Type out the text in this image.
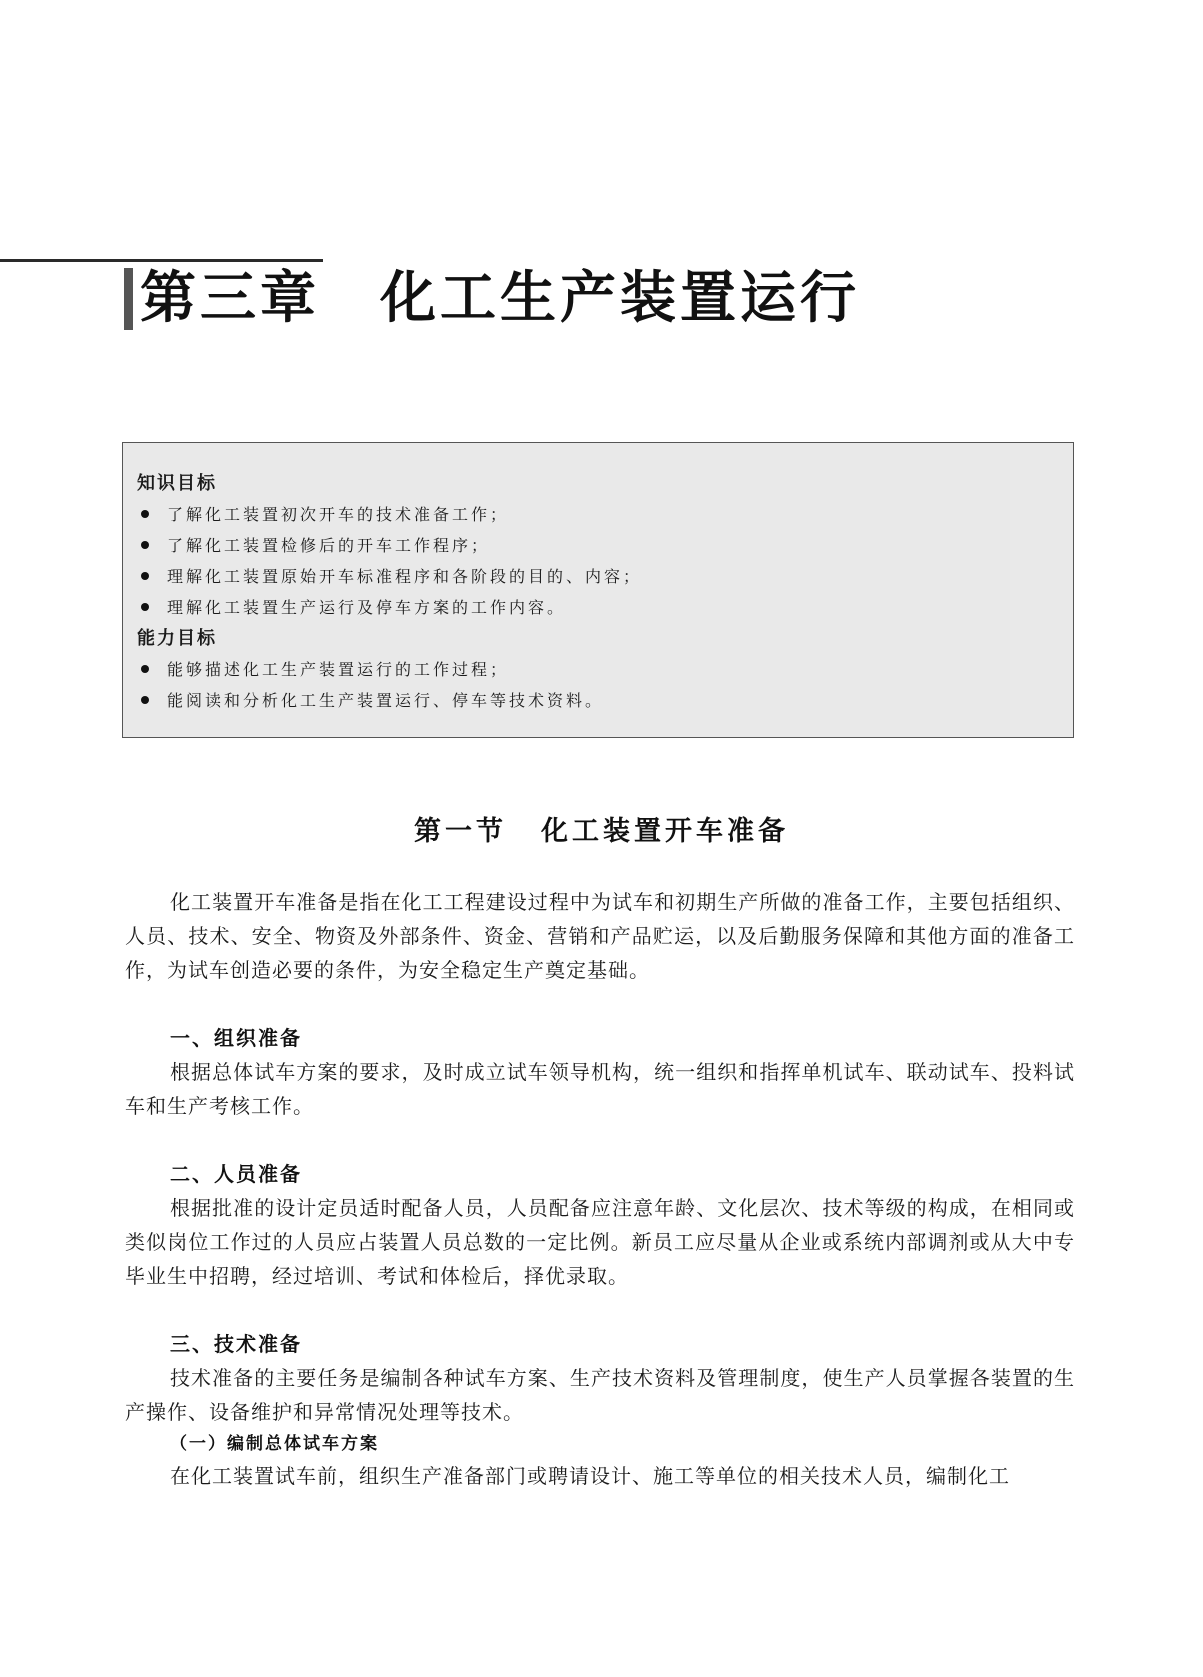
第三章 化工生产装置运行
知识目标
了解化工装置初次开车的技术准备工作；
了解化工装置检修后的开车工作程序；
理解化工装置原始开车标准程序和各阶段的目的、内容；
理解化工装置生产运行及停车方案的工作内容。
能力目标
能够描述化工生产装置运行的工作过程；
能阅读和分析化工生产装置运行、停车等技术资料。
第一节 化工装置开车准备

化工装置开车准备是指在化工工程建设过程中为试车和初期生产所做的准备工作，主要包括组织、人员、技术、安全、物资及外部条件、资金、营销和产品贮运，以及后勤服务保障和其他方面的准备工作，为试车创造必要的条件，为安全稳定生产奠定基础。

一、组织准备

根据总体试车方案的要求，及时成立试车领导机构，统一组织和指挥单机试车、联动试车、投料试车和生产考核工作。

二、人员准备

根据批准的设计定员适时配备人员，人员配备应注意年龄、文化层次、技术等级的构成，在相同或类似岗位工作过的人员应占装置人员总数的一定比例。新员工应尽量从企业或系统内部调剂或从大中专毕业生中招聘，经过培训、考试和体检后，择优录取。

三、技术准备

技术准备的主要任务是编制各种试车方案、生产技术资料及管理制度，使生产人员掌握各装置的生产操作、设备维护和异常情况处理等技术。

（一）编制总体试车方案

在化工装置试车前，组织生产准备部门或聘请设计、施工等单位的相关技术人员，编制化工
